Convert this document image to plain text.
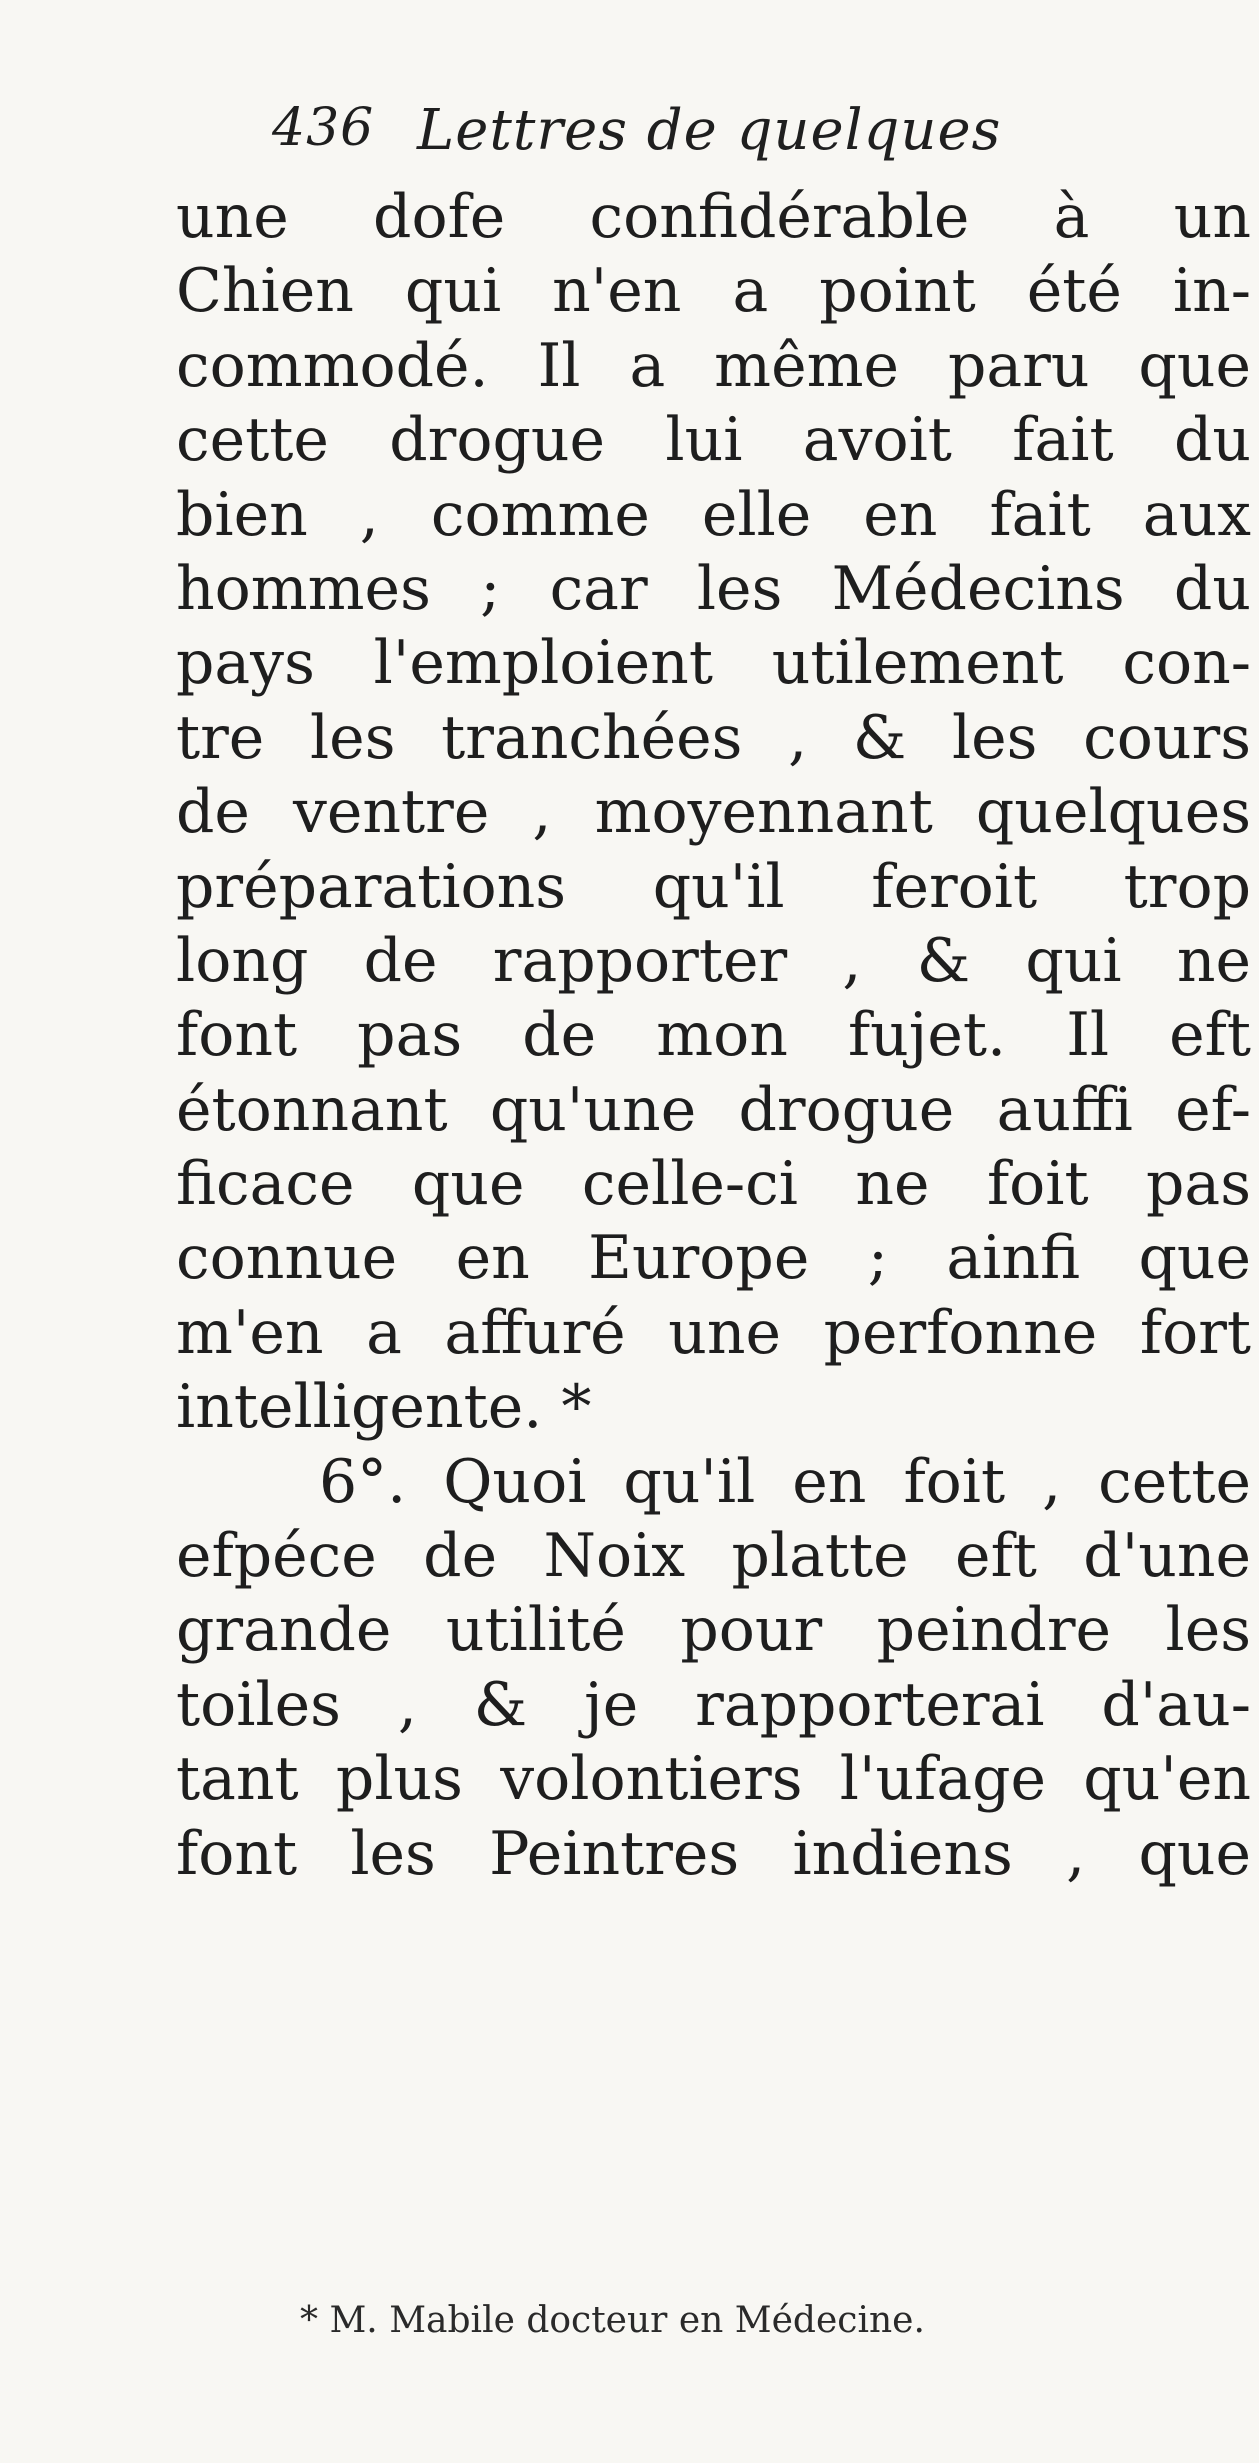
436 Lettres de quelques
une dofe confidérable à un
Chien qui n'en a point été in-
commodé. Il a même paru que
cette drogue lui avoit fait du
bien , comme elle en fait aux
hommes ; car les Médecins du
pays l'emploient utilement con-
tre les tranchées , & les cours
de ventre , moyennant quelques
préparations qu'il feroit trop
long de rapporter , & qui ne
font pas de mon fujet. Il eft
étonnant qu'une drogue auffi ef-
ficace que celle-ci ne foit pas
connue en Europe ; ainfi que
m'en a affuré une perfonne fort
intelligente. *
6°. Quoi qu'il en foit , cette
efpéce de Noix platte eft d'une
grande utilité pour peindre les
toiles , & je rapporterai d'au-
tant plus volontiers l'ufage qu'en
font les Peintres indiens , que
* M. Mabile docteur en Médecine.
